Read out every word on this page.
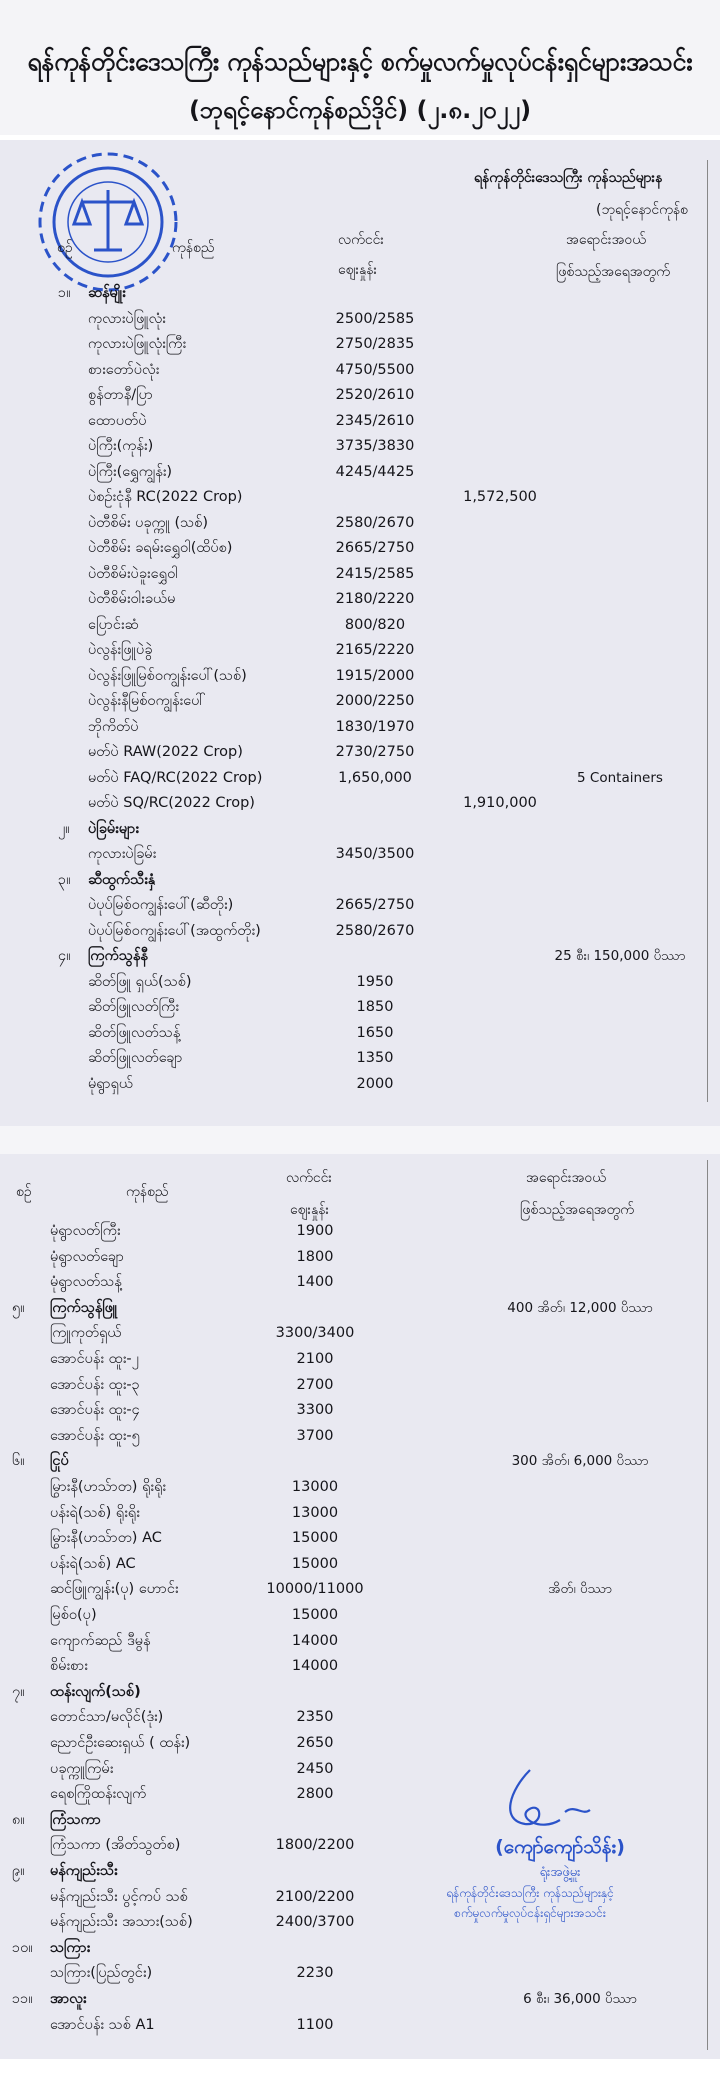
ရန်ကုန်တိုင်းဒေသကြီး ကုန်သည်များနှင့် စက်မှုလက်မှုလုပ်ငန်းရှင်များအသင်း
(ဘုရင့်နောင်ကုန်စည်ဒိုင်) (၂.၈.၂၀၂၂)
ရန်ကုန်တိုင်းဒေသကြီး ကုန်သည်များန
(ဘုရင့်နောင်ကုန်စ
စဉ်	ကုန်စည်	လက်ငင်း
ဈေးနှုန်း
အရောင်းအဝယ်
ဖြစ်သည့်အရေအတွက်
၁။ ဆန်မျိုး
ကုလားပဲဖြူလုံး	2500/2585
ကုလားပဲဖြူလုံးကြီး	2750/2835
စားတော်ပဲလုံး	4750/5500
စွန်တာနီ/ပြာ	2520/2610
ထောပတ်ပဲ	2345/2610
ပဲကြီး(ကုန်း)	3735/3830
ပဲကြီး(ရွှေကျွန်း)	4245/4425
ပဲစဉ်းငုံနီ RC(2022 Crop)	1,572,500
ပဲတီစိမ်း ပခုက္ကူ (သစ်)	2580/2670
ပဲတီစိမ်း ခရမ်းရွှေဝါ(ထိပ်စ)	2665/2750
ပဲတီစိမ်းပဲခူးရွှေဝါ	2415/2585
ပဲတီစိမ်းဝါးခယ်မ	2180/2220
ပြောင်းဆံ	800/820
ပဲလွန်းဖြူပဲခွဲ	2165/2220
ပဲလွန်းဖြူမြစ်ဝကျွန်းပေါ်(သစ်)	1915/2000
ပဲလွန်းနီမြစ်ဝကျွန်းပေါ်	2000/2250
ဘိုကိတ်ပဲ	1830/1970
မတ်ပဲ RAW(2022 Crop)	2730/2750
မတ်ပဲ FAQ/RC(2022 Crop)	1,650,000	5 Containers
မတ်ပဲ SQ/RC(2022 Crop)	1,910,000
၂။ ပဲခြမ်းများ
ကုလားပဲခြမ်း	3450/3500
၃။ ဆီထွက်သီးနှံ
ပဲပုပ်မြစ်ဝကျွန်းပေါ်(ဆီတိုး)	2665/2750
ပဲပုပ်မြစ်ဝကျွန်းပေါ်(အထွက်တိုး)	2580/2670
၄။ ကြက်သွန်နီ	25 စီး၊ 150,000 ပိဿာ
ဆိတ်ဖြူ ရှယ်(သစ်)	1950
ဆိတ်ဖြူလတ်ကြီး	1850
ဆိတ်ဖြူလတ်သန့်	1650
ဆိတ်ဖြူလတ်ချော	1350
မုံရွာရှယ်	2000
စဉ်	ကုန်စည်
လက်ငင်း
ဈေးနှုန်း
အရောင်းအဝယ်
ဖြစ်သည့်အရေအတွက်
မုံရွာလတ်ကြီး	1900
မုံရွာလတ်ချော	1800
မုံရွာလတ်သန့်	1400
၅။ ကြက်သွန်ဖြူ	400 အိတ်၊ 12,000 ပိဿာ
ကြူကုတ်ရှယ်	3300/3400
အောင်ပန်း ထူး-၂	2100
အောင်ပန်း ထူး-၃	2700
အောင်ပန်း ထူး-၄	3300
အောင်ပန်း ထူး-၅	3700
၆။ ငြုပ်	300 အိတ်၊ 6,000 ပိဿာ
မြွားနီ(ဟသ်ာတ) ရိုးရိုး	13000
ပန်းရဲ(သစ်) ရိုးရိုး	13000
မြွားနီ(ဟသ်ာတ) AC	15000
ပန်းရဲ(သစ်) AC	15000
ဆင်ဖြူကျွန်း(ပု) ဟောင်း	10000/11000	အိတ်၊ ပိဿာ
မြစ်ဝ(ပု)	15000
ကျောက်ဆည် ဒီမွန်	14000
စိမ်းစား	14000
၇။ ထန်းလျက်(သစ်)
တောင်သာ/မလိုင်(ဒုံး)	2350
ညောင်ဦးဆေးရှယ် ( ထန်း)	2650
ပခုက္ကူကြမ်း	2450
ရေစကြိုထန်းလျက်	2800
၈။ ကြံသကာ
ကြံသကာ (အိတ်သွတ်စ)	1800/2200
၉။ မန်ကျည်းသီး
မန်ကျည်းသီး ပွင့်ကပ် သစ်	2100/2200
မန်ကျည်းသီး အသား(သစ်)	2400/3700
၁၀။ သကြား
သကြား(ပြည်တွင်း)	2230
၁၁။ အာလူး	6 စီး၊ 36,000 ပိဿာ
အောင်ပန်း သစ် A1	1100
(ကျော်ကျော်သိန်း)
ရုံးအဖွဲ့မှူး
ရန်ကုန်တိုင်းဒေသကြီး ကုန်သည်များနှင့်
စက်မှုလက်မှုလုပ်ငန်းရှင်များအသင်း
